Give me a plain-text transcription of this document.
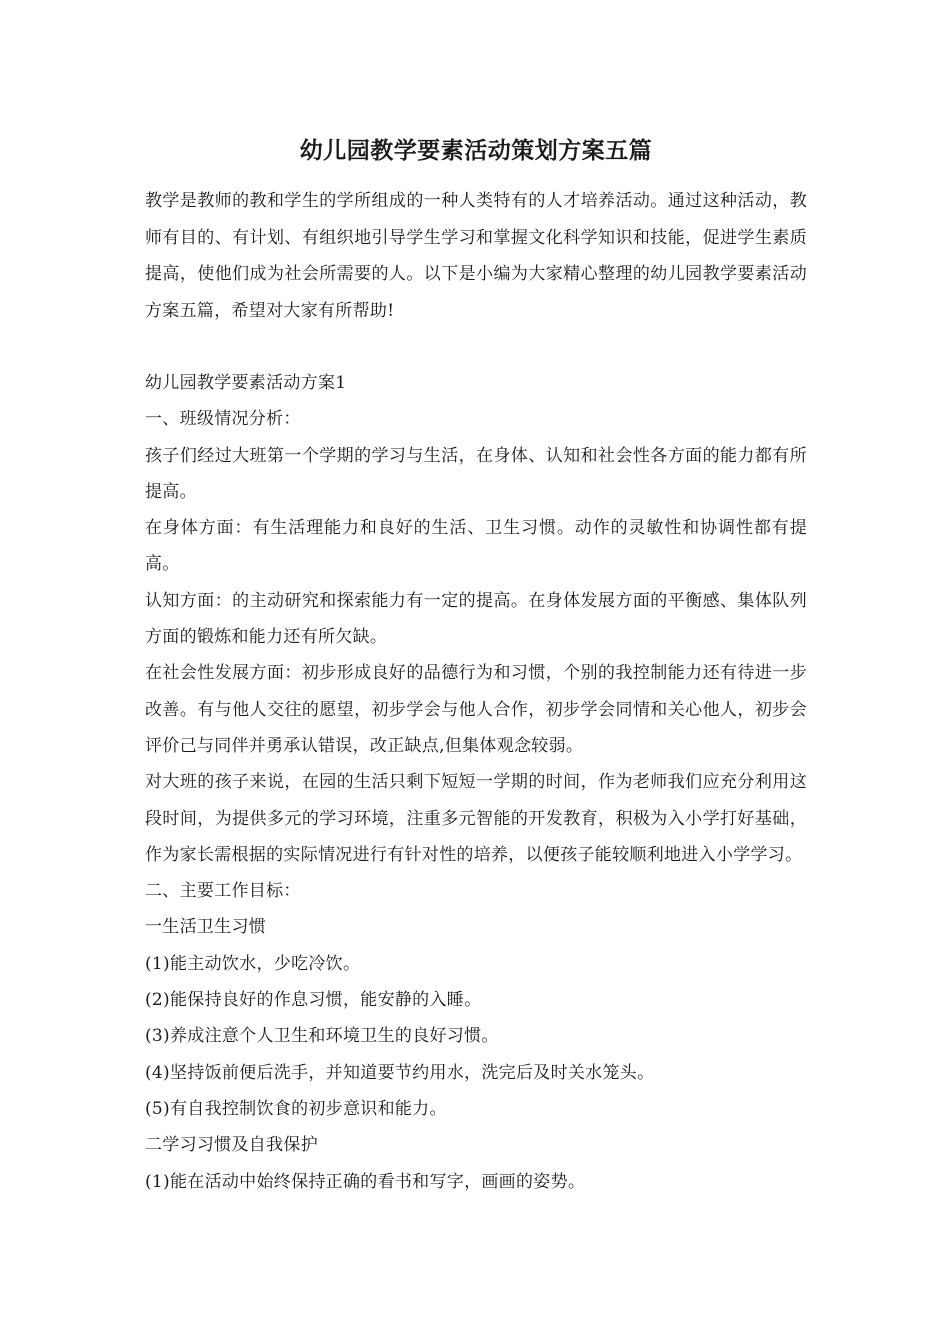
幼儿园教学要素活动策划方案五篇

教学是教师的教和学生的学所组成的一种人类特有的人才培养活动。通过这种活动，教师有目的、有计划、有组织地引导学生学习和掌握文化科学知识和技能，促进学生素质提高，使他们成为社会所需要的人。以下是小编为大家精心整理的幼儿园教学要素活动方案五篇，希望对大家有所帮助!

幼儿园教学要素活动方案1

一、班级情况分析：

孩子们经过大班第一个学期的学习与生活，在身体、认知和社会性各方面的能力都有所提高。

在身体方面：有生活理能力和良好的生活、卫生习惯。动作的灵敏性和协调性都有提高。

认知方面：的主动研究和探索能力有一定的提高。在身体发展方面的平衡感、集体队列方面的锻炼和能力还有所欠缺。

在社会性发展方面：初步形成良好的品德行为和习惯，个别的我控制能力还有待进一步改善。有与他人交往的愿望，初步学会与他人合作，初步学会同情和关心他人，初步会评价己与同伴并勇承认错误，改正缺点,但集体观念较弱。

对大班的孩子来说，在园的生活只剩下短短一学期的时间，作为老师我们应充分利用这段时间，为提供多元的学习环境，注重多元智能的开发教育，积极为入小学打好基础，作为家长需根据的实际情况进行有针对性的培养，以便孩子能较顺利地进入小学学习。

二、主要工作目标：

一生活卫生习惯

(1)能主动饮水，少吃冷饮。

(2)能保持良好的作息习惯，能安静的入睡。

(3)养成注意个人卫生和环境卫生的良好习惯。

(4)坚持饭前便后洗手，并知道要节约用水，洗完后及时关水笼头。

(5)有自我控制饮食的初步意识和能力。

二学习习惯及自我保护

(1)能在活动中始终保持正确的看书和写字，画画的姿势。
